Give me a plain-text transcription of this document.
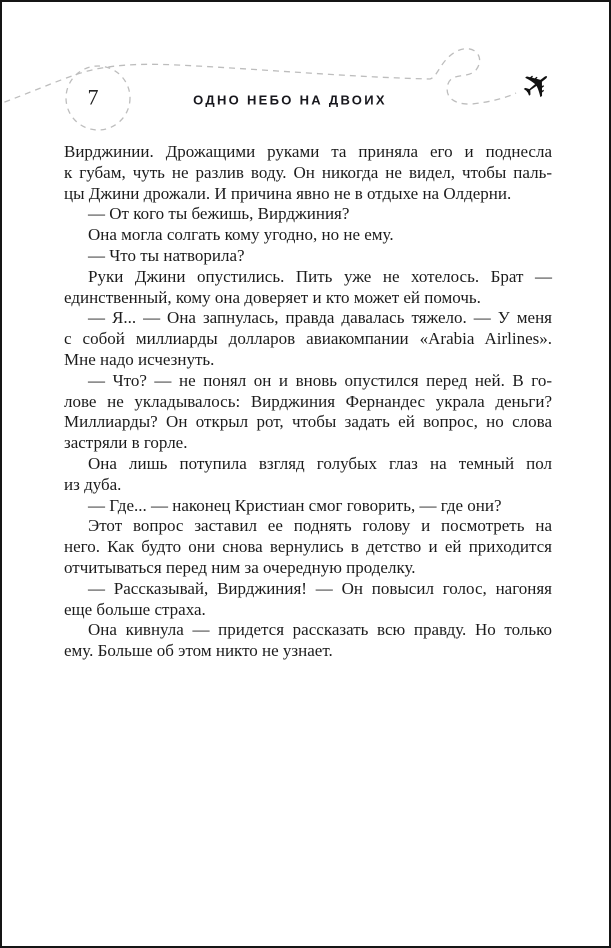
7	ОДНО НЕБО НА ДВОИХ	✈

Вирджинии. Дрожащими руками та приняла его и поднесла
к губам, чуть не разлив воду. Он никогда не видел, чтобы паль-
цы Джини дрожали. И причина явно не в отдыхе на Олдерни.

— От кого ты бежишь, Вирджиния?

Она могла солгать кому угодно, но не ему.

— Что ты натворила?

Руки Джини опустились. Пить уже не хотелось. Брат —
единственный, кому она доверяет и кто может ей помочь.

— Я... — Она запнулась, правда давалась тяжело. — У меня
с собой миллиарды долларов авиакомпании «Arabia Airlines».
Мне надо исчезнуть.

— Что? — не понял он и вновь опустился перед ней. В го-
лове не укладывалось: Вирджиния Фернандес украла деньги?
Миллиарды? Он открыл рот, чтобы задать ей вопрос, но слова
застряли в горле.

Она лишь потупила взгляд голубых глаз на темный пол
из дуба.

— Где... — наконец Кристиан смог говорить, — где они?

Этот вопрос заставил ее поднять голову и посмотреть на
него. Как будто они снова вернулись в детство и ей приходится
отчитываться перед ним за очередную проделку.

— Рассказывай, Вирджиния! — Он повысил голос, нагоняя
еще больше страха.

Она кивнула — придется рассказать всю правду. Но только
ему. Больше об этом никто не узнает.
